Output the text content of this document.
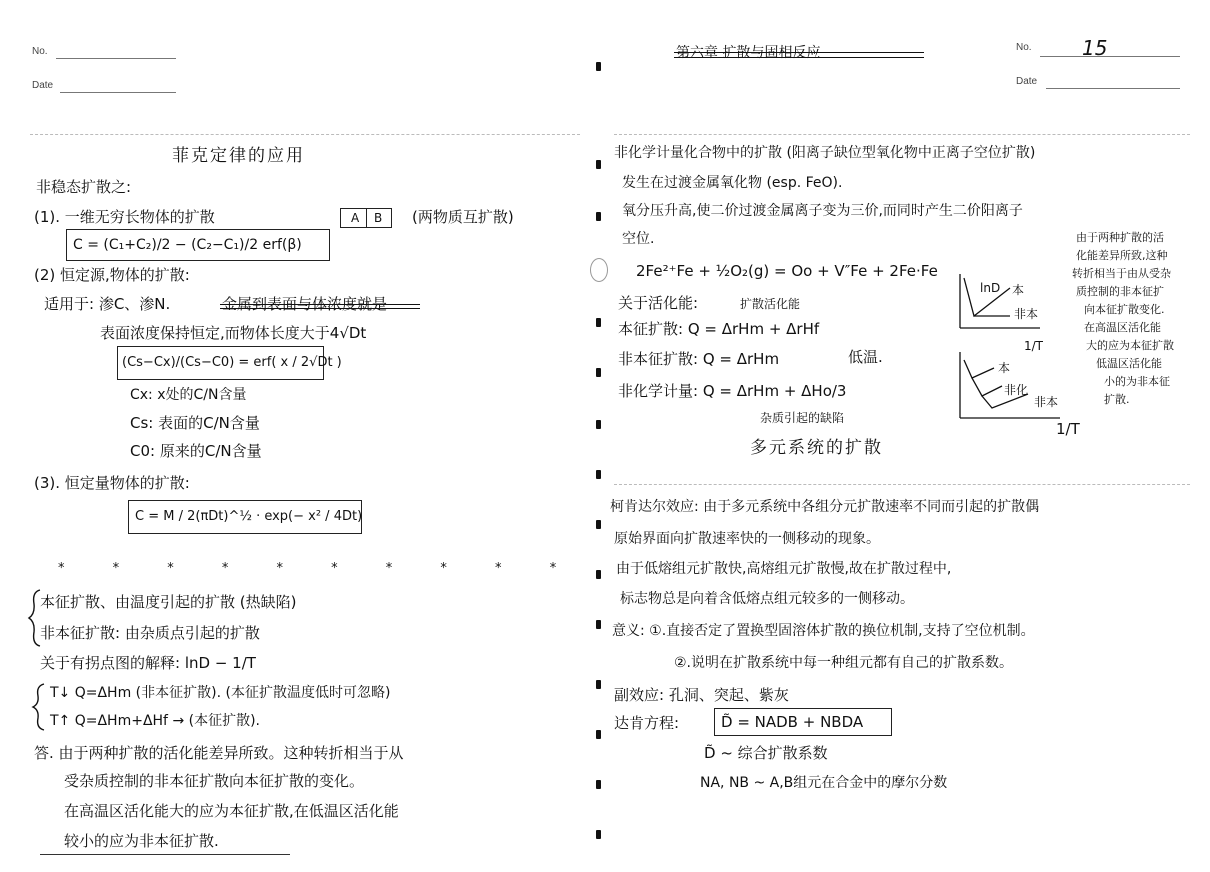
No.
Date
菲克定律的应用
非稳态扩散之:
(1). 一维无穷长物体的扩散	A B (两物质互扩散)
C = (C₁+C₂)/2 − (C₂−C₁)/2 erf(β)
(2) 恒定源,物体的扩散:
适用于: 渗C、渗N.	金属到表面与体浓度就是
表面浓度保持恒定,而物体长度大于4√Dt
(Cs−Cx)/(Cs−C0) = erf( x / 2√Dt )
Cx: x处的C/N含量
Cs: 表面的C/N含量
C0: 原来的C/N含量
(3). 恒定量物体的扩散:
C = M / 2(πDt)^½ · exp(− x² / 4Dt)
* * * * * * * * * *
本征扩散、由温度引起的扩散 (热缺陷)
非本征扩散: 由杂质点引起的扩散
关于有拐点图的解释: lnD − 1/T
T↓ Q=ΔHm (非本征扩散). (本征扩散温度低时可忽略)
T↑ Q=ΔHm+ΔHf → (本征扩散).
答. 由于两种扩散的活化能差异所致。这种转折相当于从
受杂质控制的非本征扩散向本征扩散的变化。
在高温区活化能大的应为本征扩散,在低温区活化能
较小的应为非本征扩散.
第六章 扩散与固相反应	No.	15
Date
非化学计量化合物中的扩散 (阳离子缺位型氧化物中正离子空位扩散)
发生在过渡金属氧化物 (esp. FeO).
氧分压升高,使二价过渡金属离子变为三价,而同时产生二价阳离子
空位.
2Fe²⁺Fe + ½O₂(g) = Oo + V″Fe + 2Fe·Fe
关于活化能:	扩散活化能
本征扩散: Q = ΔrHm + ΔrHf
非本征扩散: Q = ΔrHm	低温.
非化学计量: Q = ΔrHm + ΔHo/3
杂质引起的缺陷
多元系统的扩散
lnD 本
非本
1/T
本
非化
非本
1/T
由于两种扩散的活
化能差异所致,这种
转折相当于由从受杂
质控制的非本征扩
向本征扩散变化.
在高温区活化能
大的应为本征扩散
低温区活化能
小的为非本征
扩散.
柯肯达尔效应: 由于多元系统中各组分元扩散速率不同而引起的扩散偶
原始界面向扩散速率快的一侧移动的现象。
由于低熔组元扩散快,高熔组元扩散慢,故在扩散过程中,
标志物总是向着含低熔点组元较多的一侧移动。
意义: ①.直接否定了置换型固溶体扩散的换位机制,支持了空位机制。
②.说明在扩散系统中每一种组元都有自己的扩散系数。
副效应: 孔洞、突起、紫灰
达肯方程:	D̃ = NADB + NBDA
D̃ ~ 综合扩散系数
NA, NB ~ A,B组元在合金中的摩尔分数
